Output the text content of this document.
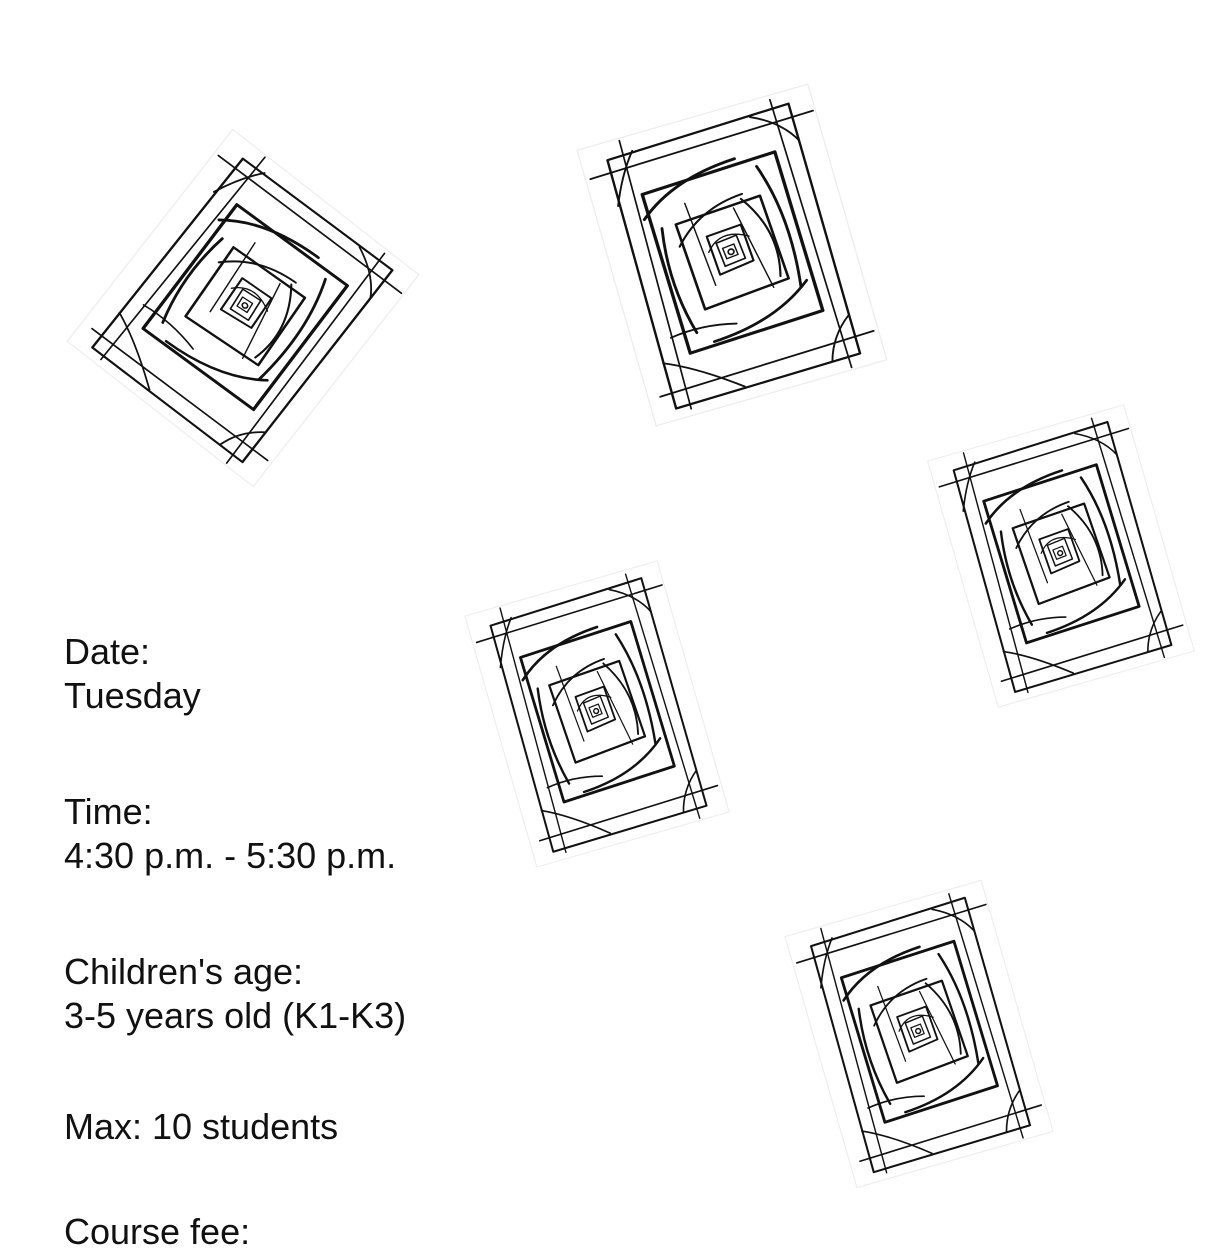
Date:
Tuesday
Time:
4:30 p.m. - 5:30 p.m.
Children's age:
3-5 years old (K1-K3)
Max: 10 students
Course fee:
